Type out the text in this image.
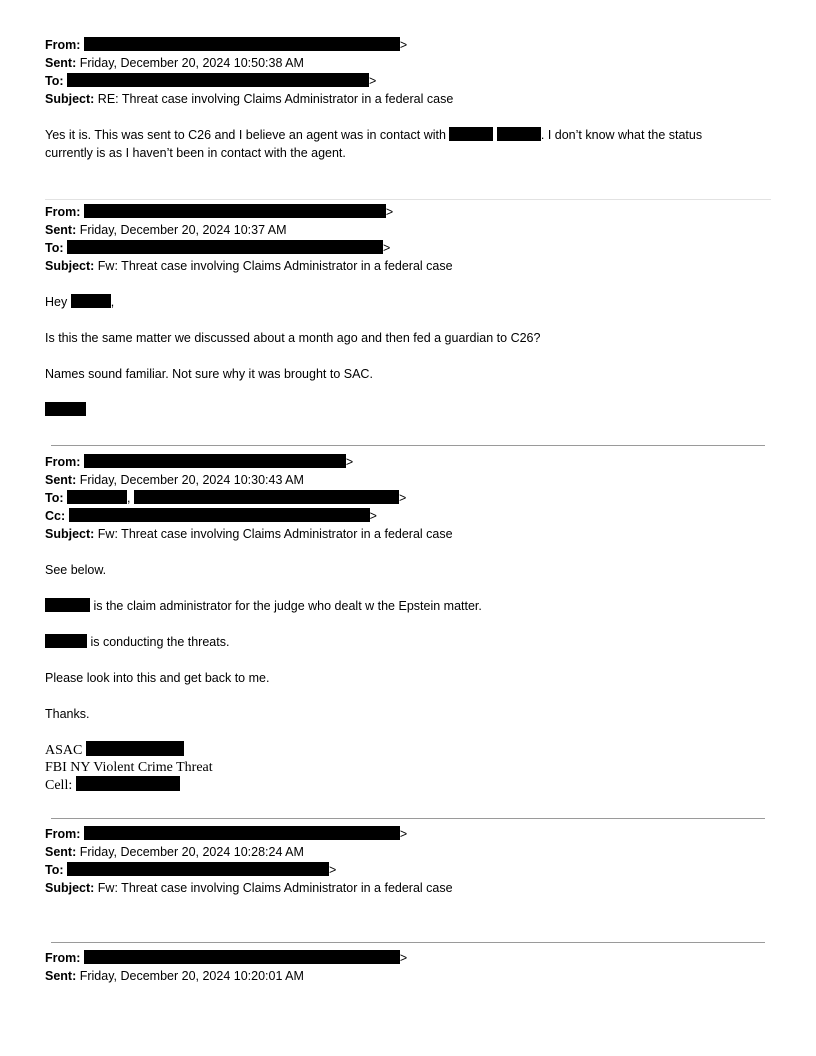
From:	>
Sent: Friday, December 20, 2024 10:50:38 AM
To:	>
Subject: RE: Threat case involving Claims Administrator in a federal case
Yes it is. This was sent to C26 and I believe an agent was in contact with	. I don’t know what the status
currently is as I haven’t been in contact with the agent.
From:	>
Sent: Friday, December 20, 2024 10:37 AM
To:	>
Subject: Fw: Threat case involving Claims Administrator in a federal case
Hey	,
Is this the same matter we discussed about a month ago and then fed a guardian to C26?
Names sound familiar. Not sure why it was brought to SAC.
From:	>
Sent: Friday, December 20, 2024 10:30:43 AM
To:	,	>
Cc:	>
Subject: Fw: Threat case involving Claims Administrator in a federal case
See below.
is the claim administrator for the judge who dealt w the Epstein matter.
is conducting the threats.
Please look into this and get back to me.
Thanks.
ASAC
FBI NY Violent Crime Threat
Cell:
From:	>
Sent: Friday, December 20, 2024 10:28:24 AM
To:	>
Subject: Fw: Threat case involving Claims Administrator in a federal case
From:	>
Sent: Friday, December 20, 2024 10:20:01 AM
